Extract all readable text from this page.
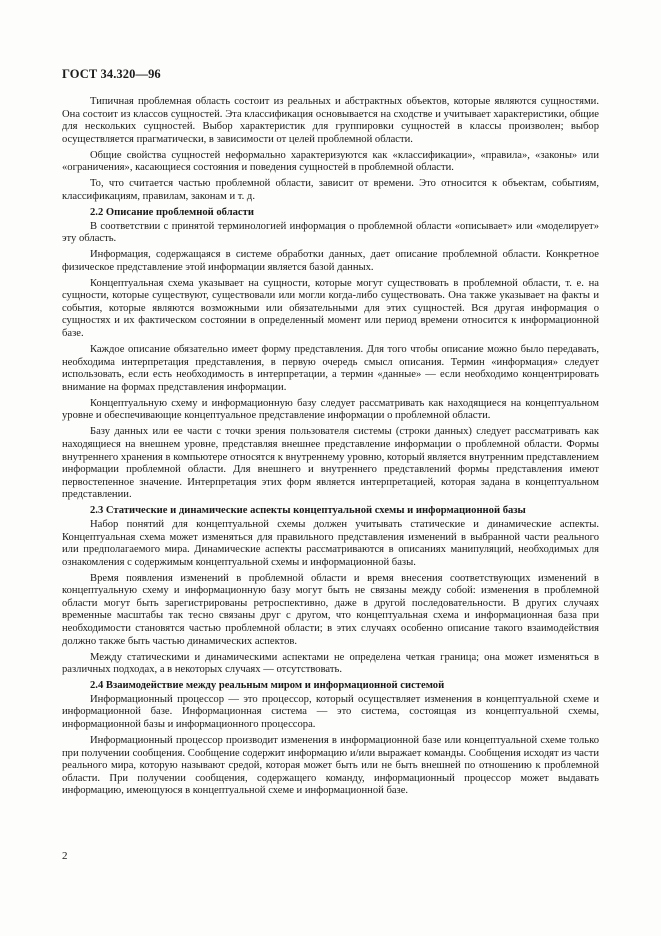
ГОСТ 34.320—96

Типичная проблемная область состоит из реальных и абстрактных объектов, которые являются сущностями. Она состоит из классов сущностей. Эта классификация основывается на сходстве и учитывает характеристики, общие для нескольких сущностей. Выбор характеристик для группировки сущностей в классы произволен; выбор осуществляется прагматически, в зависимости от целей проблемной области.

Общие свойства сущностей неформально характеризуются как «классификации», «правила», «законы» или «ограничения», касающиеся состояния и поведения сущностей в проблемной области.

То, что считается частью проблемной области, зависит от времени. Это относится к объектам, событиям, классификациям, правилам, законам и т. д.

2.2 Описание проблемной области

В соответствии с принятой терминологией информация о проблемной области «описывает» или «моделирует» эту область.

Информация, содержащаяся в системе обработки данных, дает описание проблемной области. Конкретное физическое представление этой информации является базой данных.

Концептуальная схема указывает на сущности, которые могут существовать в проблемной области, т. е. на сущности, которые существуют, существовали или могли когда-либо существовать. Она также указывает на факты и события, которые являются возможными или обязательными для этих сущностей. Вся другая информация о сущностях и их фактическом состоянии в определенный момент или период времени относится к информационной базе.

Каждое описание обязательно имеет форму представления. Для того чтобы описание можно было передавать, необходима интерпретация представления, в первую очередь смысл описания. Термин «информация» следует использовать, если есть необходимость в интерпретации, а термин «данные» — если необходимо концентрировать внимание на формах представления информации.

Концептуальную схему и информационную базу следует рассматривать как находящиеся на концептуальном уровне и обеспечивающие концептуальное представление информации о проблемной области.

Базу данных или ее части с точки зрения пользователя системы (строки данных) следует рассматривать как находящиеся на внешнем уровне, представляя внешнее представление информации о проблемной области. Формы внутреннего хранения в компьютере относятся к внутреннему уровню, который является внутренним представлением информации проблемной области. Для внешнего и внутреннего представлений формы представления имеют первостепенное значение. Интерпретация этих форм является интерпретацией, которая задана в концептуальном представлении.

2.3 Статические и динамические аспекты концептуальной схемы и информационной базы

Набор понятий для концептуальной схемы должен учитывать статические и динамические аспекты. Концептуальная схема может изменяться для правильного представления изменений в выбранной части реального или предполагаемого мира. Динамические аспекты рассматриваются в описаниях манипуляций, необходимых для ознакомления с содержимым концептуальной схемы и информационной базы.

Время появления изменений в проблемной области и время внесения соответствующих изменений в концептуальную схему и информационную базу могут быть не связаны между собой: изменения в проблемной области могут быть зарегистрированы ретроспективно, даже в другой последовательности. В других случаях временные масштабы так тесно связаны друг с другом, что концептуальная схема и информационная база при необходимости становятся частью проблемной области; в этих случаях особенно описание такого взаимодействия должно также быть частью динамических аспектов.

Между статическими и динамическими аспектами не определена четкая граница; она может изменяться в различных подходах, а в некоторых случаях — отсутствовать.

2.4 Взаимодействие между реальным миром и информационной системой

Информационный процессор — это процессор, который осуществляет изменения в концептуальной схеме и информационной базе. Информационная система — это система, состоящая из концептуальной схемы, информационной базы и информационного процессора.

Информационный процессор производит изменения в информационной базе или концептуальной схеме только при получении сообщения. Сообщение содержит информацию и/или выражает команды. Сообщения исходят из части реального мира, которую называют средой, которая может быть или не быть внешней по отношению к проблемной области. При получении сообщения, содержащего команду, информационный процессор может выдавать информацию, имеющуюся в концептуальной схеме и информационной базе.

2
